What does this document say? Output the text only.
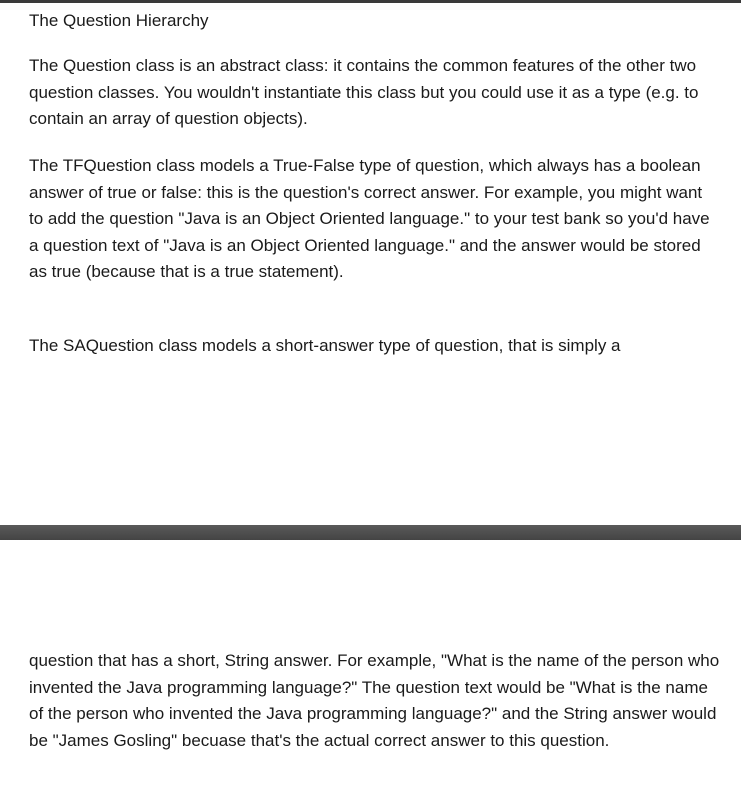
The Question Hierarchy

The Question class is an abstract class: it contains the common features of the other two question classes. You wouldn't instantiate this class but you could use it as a type (e.g. to contain an array of question objects).

The TFQuestion class models a True-False type of question, which always has a boolean answer of true or false: this is the question's correct answer. For example, you might want to add the question "Java is an Object Oriented language." to your test bank so you'd have a question text of "Java is an Object Oriented language." and the answer would be stored as true (because that is a true statement).

The SAQuestion class models a short-answer type of question, that is simply a

question that has a short, String answer. For example, "What is the name of the person who invented the Java programming language?" The question text would be "What is the name of the person who invented the Java programming language?" and the String answer would be "James Gosling" becuase that's the actual correct answer to this question.
